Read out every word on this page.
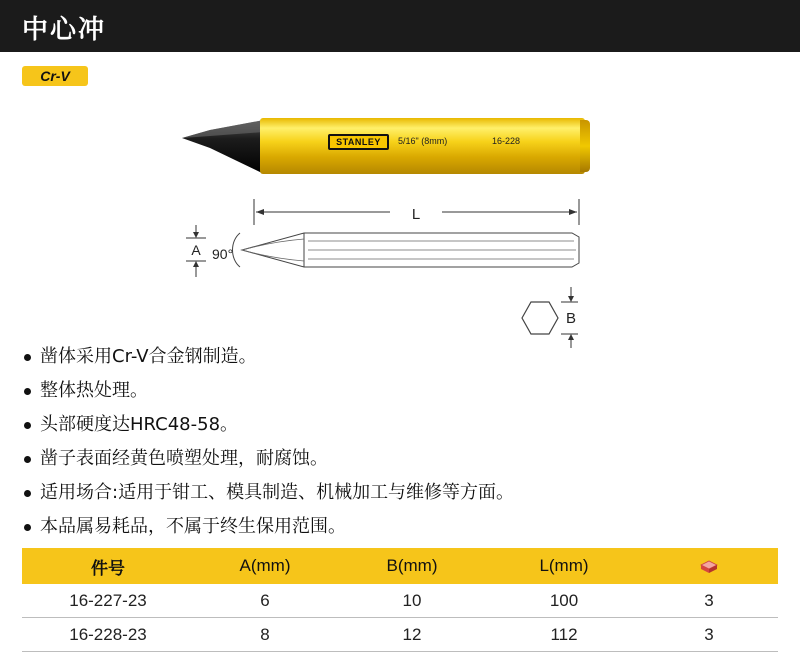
中心冲
Cr-V
STANLEY	5/16" (8mm)	16-228
L
90°
A
B
凿体采用Cr-V合金钢制造。
整体热处理。
头部硬度达HRC48-58。
凿子表面经黄色喷塑处理，耐腐蚀。
适用场合:适用于钳工、模具制造、机械加工与维修等方面。
本品属易耗品，不属于终生保用范围。
件号	A(mm)	B(mm)	L(mm)	
16-227-23	6	10	100	3
16-228-23	8	12	112	3
